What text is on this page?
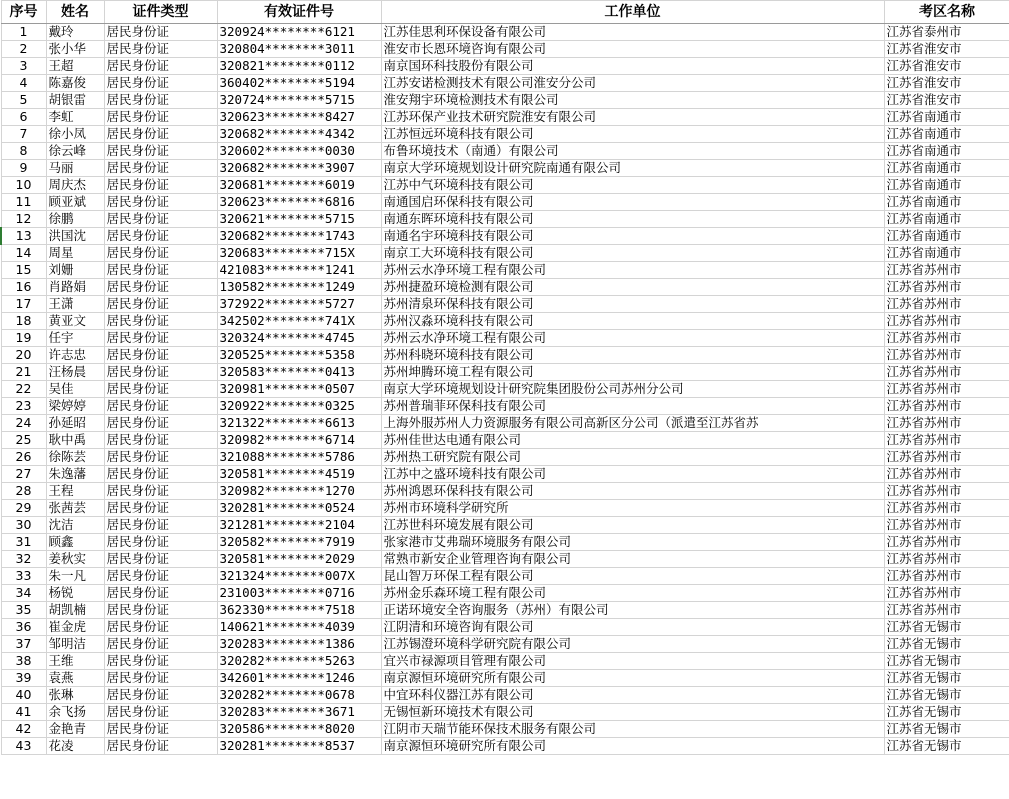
序号	姓名	证件类型	有效证件号	工作单位	考区名称
1	戴玲	居民身份证	320924********6121	江苏佳思利环保设备有限公司	江苏省泰州市
2	张小华	居民身份证	320804********3011	淮安市长恩环境咨询有限公司	江苏省淮安市
3	王超	居民身份证	320821********0112	南京国环科技股份有限公司	江苏省淮安市
4	陈嘉俊	居民身份证	360402********5194	江苏安诺检测技术有限公司淮安分公司	江苏省淮安市
5	胡银雷	居民身份证	320724********5715	淮安翔宇环境检测技术有限公司	江苏省淮安市
6	李虹	居民身份证	320623********8427	江苏环保产业技术研究院淮安有限公司	江苏省南通市
7	徐小凤	居民身份证	320682********4342	江苏恒远环境科技有限公司	江苏省南通市
8	徐云峰	居民身份证	320602********0030	布鲁环境技术（南通）有限公司	江苏省南通市
9	马丽	居民身份证	320682********3907	南京大学环境规划设计研究院南通有限公司	江苏省南通市
10	周庆杰	居民身份证	320681********6019	江苏中气环境科技有限公司	江苏省南通市
11	顾亚斌	居民身份证	320623********6816	南通国启环保科技有限公司	江苏省南通市
12	徐鹏	居民身份证	320621********5715	南通东晖环境科技有限公司	江苏省南通市
13	洪国沈	居民身份证	320682********1743	南通名宇环境科技有限公司	江苏省南通市
14	周星	居民身份证	320683********715X	南京工大环境科技有限公司	江苏省南通市
15	刘姗	居民身份证	421083********1241	苏州云水净环境工程有限公司	江苏省苏州市
16	肖路娟	居民身份证	130582********1249	苏州捷盈环境检测有限公司	江苏省苏州市
17	王潇	居民身份证	372922********5727	苏州清泉环保科技有限公司	江苏省苏州市
18	黄亚文	居民身份证	342502********741X	苏州汉淼环境科技有限公司	江苏省苏州市
19	任宇	居民身份证	320324********4745	苏州云水净环境工程有限公司	江苏省苏州市
20	许志忠	居民身份证	320525********5358	苏州科晓环境科技有限公司	江苏省苏州市
21	汪杨晨	居民身份证	320583********0413	苏州坤腾环境工程有限公司	江苏省苏州市
22	吴佳	居民身份证	320981********0507	南京大学环境规划设计研究院集团股份公司苏州分公司	江苏省苏州市
23	梁婷婷	居民身份证	320922********0325	苏州普瑞菲环保科技有限公司	江苏省苏州市
24	孙延昭	居民身份证	321322********6613	上海外服苏州人力资源服务有限公司高新区分公司（派遣至江苏省苏	江苏省苏州市
25	耿中禹	居民身份证	320982********6714	苏州佳世达电通有限公司	江苏省苏州市
26	徐陈芸	居民身份证	321088********5786	苏州热工研究院有限公司	江苏省苏州市
27	朱逸藩	居民身份证	320581********4519	江苏中之盛环境科技有限公司	江苏省苏州市
28	王程	居民身份证	320982********1270	苏州鸿恩环保科技有限公司	江苏省苏州市
29	张茜芸	居民身份证	320281********0524	苏州市环境科学研究所	江苏省苏州市
30	沈洁	居民身份证	321281********2104	江苏世科环境发展有限公司	江苏省苏州市
31	顾鑫	居民身份证	320582********7919	张家港市艾弗瑞环境服务有限公司	江苏省苏州市
32	姜秋实	居民身份证	320581********2029	常熟市新安企业管理咨询有限公司	江苏省苏州市
33	朱一凡	居民身份证	321324********007X	昆山智万环保工程有限公司	江苏省苏州市
34	杨锐	居民身份证	231003********0716	苏州金乐森环境工程有限公司	江苏省苏州市
35	胡凯楠	居民身份证	362330********7518	正诺环境安全咨询服务（苏州）有限公司	江苏省苏州市
36	崔金虎	居民身份证	140621********4039	江阴清和环境咨询有限公司	江苏省无锡市
37	邹明洁	居民身份证	320283********1386	江苏锡澄环境科学研究院有限公司	江苏省无锡市
38	王维	居民身份证	320282********5263	宜兴市禄源项目管理有限公司	江苏省无锡市
39	袁燕	居民身份证	342601********1246	南京源恒环境研究所有限公司	江苏省无锡市
40	张琳	居民身份证	320282********0678	中宜环科仪器江苏有限公司	江苏省无锡市
41	余飞扬	居民身份证	320283********3671	无锡恒新环境技术有限公司	江苏省无锡市
42	金艳青	居民身份证	320586********8020	江阴市天瑞节能环保技术服务有限公司	江苏省无锡市
43	花凌	居民身份证	320281********8537	南京源恒环境研究所有限公司	江苏省无锡市
